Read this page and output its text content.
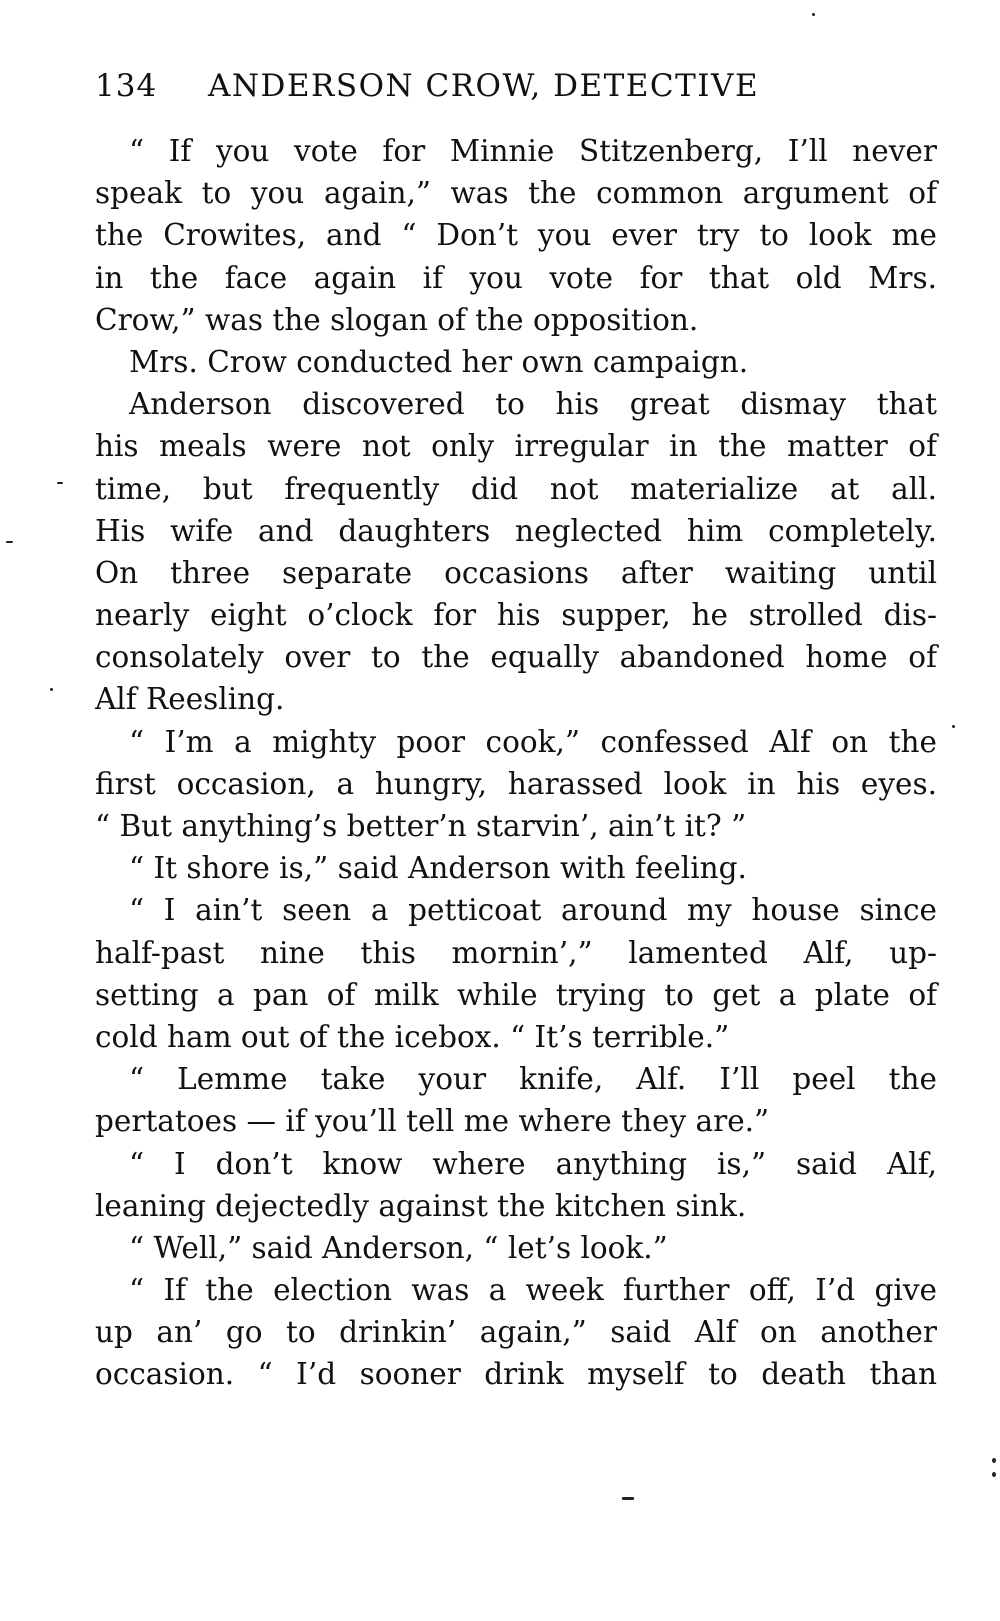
134 ANDERSON CROW, DETECTIVE
“ If you vote for Minnie Stitzenberg, I’ll never
speak to you again,” was the common argument of
the Crowites, and “ Don’t you ever try to look me
in the face again if you vote for that old Mrs.
Crow,” was the slogan of the opposition.
Mrs. Crow conducted her own campaign.
Anderson discovered to his great dismay that
his meals were not only irregular in the matter of
time, but frequently did not materialize at all.
His wife and daughters neglected him completely.
On three separate occasions after waiting until
nearly eight o’clock for his supper, he strolled dis-
consolately over to the equally abandoned home of
Alf Reesling.
“ I’m a mighty poor cook,” confessed Alf on the
first occasion, a hungry, harassed look in his eyes.
“ But anything’s better’n starvin’, ain’t it? ”
“ It shore is,” said Anderson with feeling.
“ I ain’t seen a petticoat around my house since
half-past nine this mornin’,” lamented Alf, up-
setting a pan of milk while trying to get a plate of
cold ham out of the icebox. “ It’s terrible.”
“ Lemme take your knife, Alf. I’ll peel the
pertatoes — if you’ll tell me where they are.”
“ I don’t know where anything is,” said Alf,
leaning dejectedly against the kitchen sink.
“ Well,” said Anderson, “ let’s look.”
“ If the election was a week further off, I’d give
up an’ go to drinkin’ again,” said Alf on another
occasion. “ I’d sooner drink myself to death than
